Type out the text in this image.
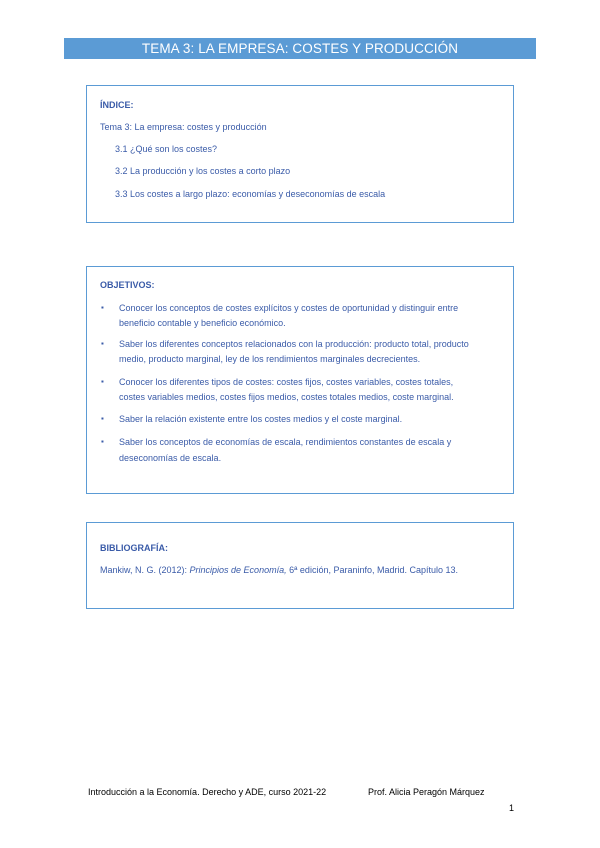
TEMA 3: LA EMPRESA: COSTES Y PRODUCCIÓN
ÍNDICE:
Tema 3: La empresa: costes y producción
3.1 ¿Qué son los costes?
3.2 La producción y los costes a corto plazo
3.3 Los costes a largo plazo: economías y deseconomías de escala
OBJETIVOS:
▪ Conocer los conceptos de costes explícitos y costes de oportunidad y distinguir entre
beneficio contable y beneficio económico.
▪ Saber los diferentes conceptos relacionados con la producción: producto total, producto
medio, producto marginal, ley de los rendimientos marginales decrecientes.
▪ Conocer los diferentes tipos de costes: costes fijos, costes variables, costes totales,
costes variables medios, costes fijos medios, costes totales medios, coste marginal.
▪ Saber la relación existente entre los costes medios y el coste marginal.
▪ Saber los conceptos de economías de escala, rendimientos constantes de escala y
deseconomías de escala.
BIBLIOGRAFÍA:
Mankiw, N. G. (2012): Principios de Economía, 6ª edición, Paraninfo, Madrid. Capítulo 13.
Introducción a la Economía. Derecho y ADE, curso 2021-22	Prof. Alicia Peragón Márquez
1
